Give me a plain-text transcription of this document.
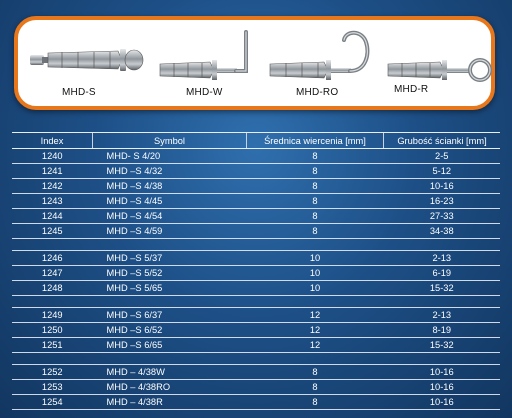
MHD-S	MHD-W	MHD-RO	MHD-R
Index	Symbol	Średnica wiercenia [mm]	Grubość ścianki [mm]
1240	MHD- S 4/20	8	2-5
1241	MHD –S 4/32	8	5-12
1242	MHD –S 4/38	8	10-16
1243	MHD –S 4/45	8	16-23
1244	MHD –S 4/54	8	27-33
1245	MHD –S 4/59	8	34-38

1246	MHD –S 5/37	10	2-13
1247	MHD –S 5/52	10	6-19
1248	MHD –S 5/65	10	15-32

1249	MHD –S 6/37	12	2-13
1250	MHD –S 6/52	12	8-19
1251	MHD –S 6/65	12	15-32

1252	MHD – 4/38W	8	10-16
1253	MHD – 4/38RO	8	10-16
1254	MHD – 4/38R	8	10-16
